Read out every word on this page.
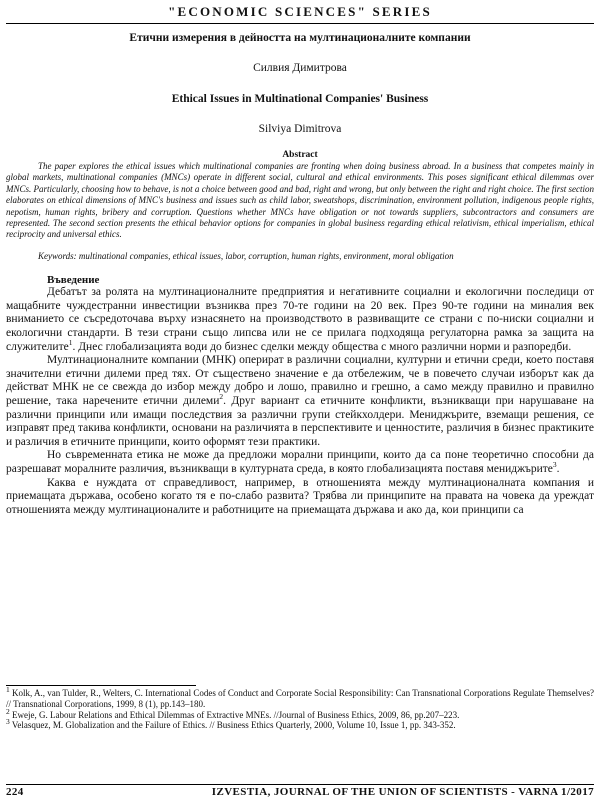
"ECONOMIC SCIENCES" SERIES

Етични измерения в дейността на мултинационалните компании

Силвия Димитрова

Ethical Issues in Multinational Companies' Business

Silviya Dimitrova

Abstract

The paper explores the ethical issues which multinational companies are fronting when doing business abroad. In a business that competes mainly in global markets, multinational companies (MNCs) operate in different social, cultural and ethical environments. This poses significant ethical dilemmas over MNCs. Particularly, choosing how to behave, is not a choice between good and bad, right and wrong, but only between the right and right choice. The first section elaborates on ethical dimensions of MNC's business and issues such as child labor, sweatshops, discrimination, environment pollution, indigenous people rights, nepotism, human rights, bribery and corruption. Questions whether MNCs have obligation or not towards suppliers, subcontractors and consumers are represented. The second section presents the ethical behavior options for companies in global business regarding ethical relativism, ethical imperialism, ethical reciprocity and universal ethics.

Keywords: multinational companies, ethical issues, labor, corruption, human rights, environment, moral obligation

Въведение

Дебатът за ролята на мултинационалните предприятия и негативните социални и екологични последици от мащабните чуждестранни инвестиции възниква през 70-те години на 20 век. През 90-те години на миналия век вниманието се съсредоточава върху изнасянето на производството в развиващите се страни с по-ниски социални и екологични стандарти. В тези страни също липсва или не се прилага подходяща регулаторна рамка за защита на служителите$^1$. Днес глобализацията води до бизнес сделки между общества с много различни норми и разпоредби.

Мултинационалните компании (МНК) оперират в различни социални, културни и етични среди, което поставя значителни етични дилеми пред тях. От съществено значение е да отбележим, че в повечето случаи изборът как да действат МНК не се свежда до избор между добро и лошо, правилно и грешно, а само между правилно и правилно решение, така наречените етични дилеми$^2$. Друг вариант са етичните конфликти, възникващи при нарушаване на различни принципи или имащи последствия за различни групи стейкхолдери. Мениджърите, вземащи решения, се изправят пред такива конфликти, основани на различията в перспективите и ценностите, различия в бизнес практиките и различия в етичните принципи, които оформят тези практики.

Но съвременната етика не може да предложи морални принципи, които да са поне теоретично способни да разрешават моралните различия, възникващи в културната среда, в която глобализацията поставя мениджърите$^3$.

Каква е нуждата от справедливост, например, в отношенията между мултинационалната компания и приемащата държава, особено когато тя е по-слабо развита? Трябва ли принципите на правата на човека да уреждат отношенията между мултинационалите и работниците на приемащата държава и ако да, кои принципи са

$^1$ Kolk, A., van Tulder, R., Welters, C. International Codes of Conduct and Corporate Social Responsibility: Can Transnational Corporations Regulate Themselves? // Transnational Corporations, 1999, 8 (1), pp.143–180.

$^2$ Eweje, G. Labour Relations and Ethical Dilemmas of Extractive MNEs. //Journal of Business Ethics, 2009, 86, pp.207–223.

$^3$ Velasquez, M. Globalization and the Failure of Ethics. // Business Ethics Quarterly, 2000, Volume 10, Issue 1, pp. 343-352.

224	IZVESTIA, JOURNAL OF THE UNION OF SCIENTISTS - VARNA 1/2017
